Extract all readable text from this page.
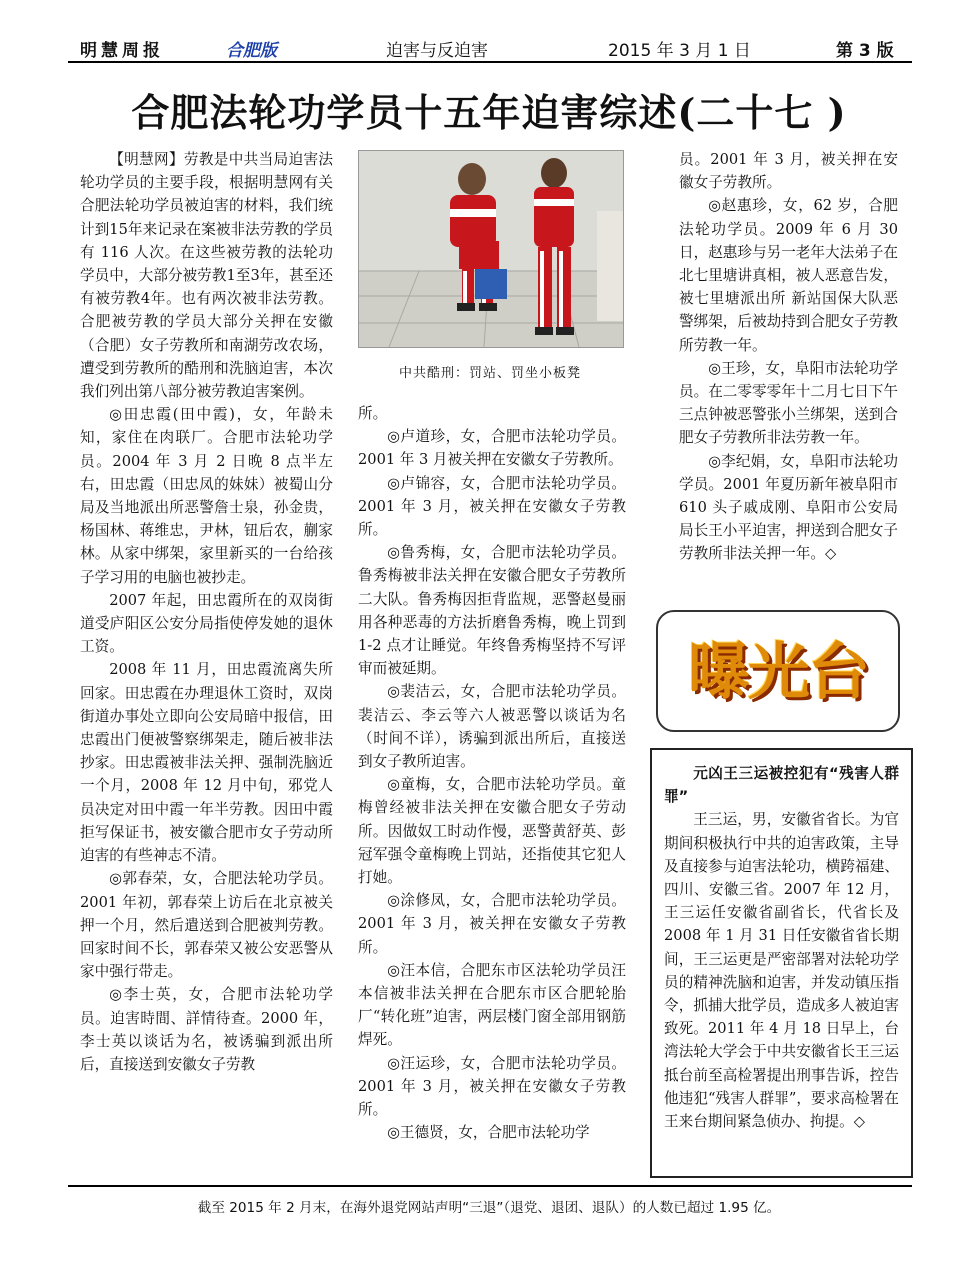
明慧周报	合肥版	迫害与反迫害	2015 年 3 月 1 日	第 3 版
合肥法轮功学员十五年迫害综述(二十七 )

【明慧网】劳教是中共当局迫害法轮功学员的主要手段，根据明慧网有关合肥法轮功学员被迫害的材料，我们统计到15年来记录在案被非法劳教的学员有 116 人次。在这些被劳教的法轮功学员中，大部分被劳教1至3年，甚至还有被劳教4年。也有两次被非法劳教。合肥被劳教的学员大部分关押在安徽（合肥）女子劳教所和南湖劳改农场，遭受到劳教所的酷刑和洗脑迫害，本次我们列出第八部分被劳教迫害案例。

◎田忠霞(田中霞)，女，年龄未知，家住在肉联厂。合肥市法轮功学员。2004 年 3 月 2 日晚 8 点半左右，田忠霞（田忠凤的妹妹）被蜀山分局及当地派出所恶警詹士泉，孙金贵，杨国林、蒋维忠，尹林，钮后农，蒯家林。从家中绑架，家里新买的一台给孩子学习用的电脑也被抄走。

2007 年起，田忠霞所在的双岗街道受庐阳区公安分局指使停发她的退休工资。

2008 年 11 月，田忠霞流离失所回家。田忠霞在办理退休工资时，双岗街道办事处立即向公安局暗中报信，田忠霞出门便被警察绑架走，随后被非法抄家。田忠霞被非法关押、强制洗脑近一个月，2008 年 12 月中旬，邪党人员决定对田中霞一年半劳教。因田中霞拒写保证书，被安徽合肥市女子劳动所迫害的有些神志不清。

◎郭春荣，女，合肥法轮功学员。2001 年初，郭春荣上访后在北京被关押一个月，然后遣送到合肥被判劳教。回家时间不长，郭春荣又被公安恶警从家中强行带走。

◎李士英，女，合肥市法轮功学员。迫害時間、詳情待查。2000 年，李士英以谈话为名，被诱骗到派出所后，直接送到安徽女子劳教

中共酷刑：罚站、罚坐小板凳

所。

◎卢道珍，女，合肥市法轮功学员。2001 年 3 月被关押在安徽女子劳教所。

◎卢锦容，女，合肥市法轮功学员。2001 年 3 月，被关押在安徽女子劳教所。

◎鲁秀梅，女，合肥市法轮功学员。鲁秀梅被非法关押在安徽合肥女子劳教所二大队。鲁秀梅因拒背监规，恶警赵曼丽用各种恶毒的方法折磨鲁秀梅，晚上罚到 1-2 点才让睡觉。年终鲁秀梅坚持不写评审而被延期。

◎裴洁云，女，合肥市法轮功学员。裴洁云、李云等六人被恶警以谈话为名（时间不详），诱骗到派出所后，直接送到女子教所迫害。

◎童梅，女，合肥市法轮功学员。童梅曾经被非法关押在安徽合肥女子劳动所。因做奴工时动作慢，恶警黄舒英、彭冠军强令童梅晚上罚站，还指使其它犯人打她。

◎涂修凤，女，合肥市法轮功学员。2001 年 3 月，被关押在安徽女子劳教所。

◎汪本信，合肥东市区法轮功学员汪本信被非法关押在合肥东市区合肥轮胎厂“转化班”迫害，两层楼门窗全部用钢筋焊死。

◎汪运珍，女，合肥市法轮功学员。2001 年 3 月，被关押在安徽女子劳教所。

◎王德贤，女，合肥市法轮功学

员。2001 年 3 月，被关押在安徽女子劳教所。

◎赵惠珍，女，62 岁，合肥法轮功学员。2009 年 6 月 30 日，赵惠珍与另一老年大法弟子在北七里塘讲真相，被人恶意告发，被七里塘派出所 新站国保大队恶警绑架，后被劫持到合肥女子劳教所劳教一年。

◎王珍，女，阜阳市法轮功学员。在二零零零年十二月七日下午三点钟被恶警张小兰绑架，送到合肥女子劳教所非法劳教一年。

◎李纪娟，女，阜阳市法轮功学员。2001 年夏历新年被阜阳市 610 头子戚成刚、阜阳市公安局局长王小平迫害，押送到合肥女子劳教所非法关押一年。◇

曝光台

元凶王三运被控犯有“残害人群罪”

王三运，男，安徽省省长。为官期间积极执行中共的迫害政策，主导及直接参与迫害法轮功，横跨福建、四川、安徽三省。2007 年 12 月，王三运任安徽省副省长，代省长及 2008 年 1 月 31 日任安徽省省长期间，王三运更是严密部署对法轮功学员的精神洗脑和迫害，并发动镇压指令，抓捕大批学员，造成多人被迫害致死。2011 年 4 月 18 日早上，台湾法轮大学会于中共安徽省长王三运抵台前至高检署提出刑事告诉，控告他违犯“残害人群罪”，要求高检署在王来台期间紧急侦办、拘提。◇

截至 2015 年 2 月末，在海外退党网站声明“三退”（退党、退团、退队）的人数已超过 1.95 亿。
